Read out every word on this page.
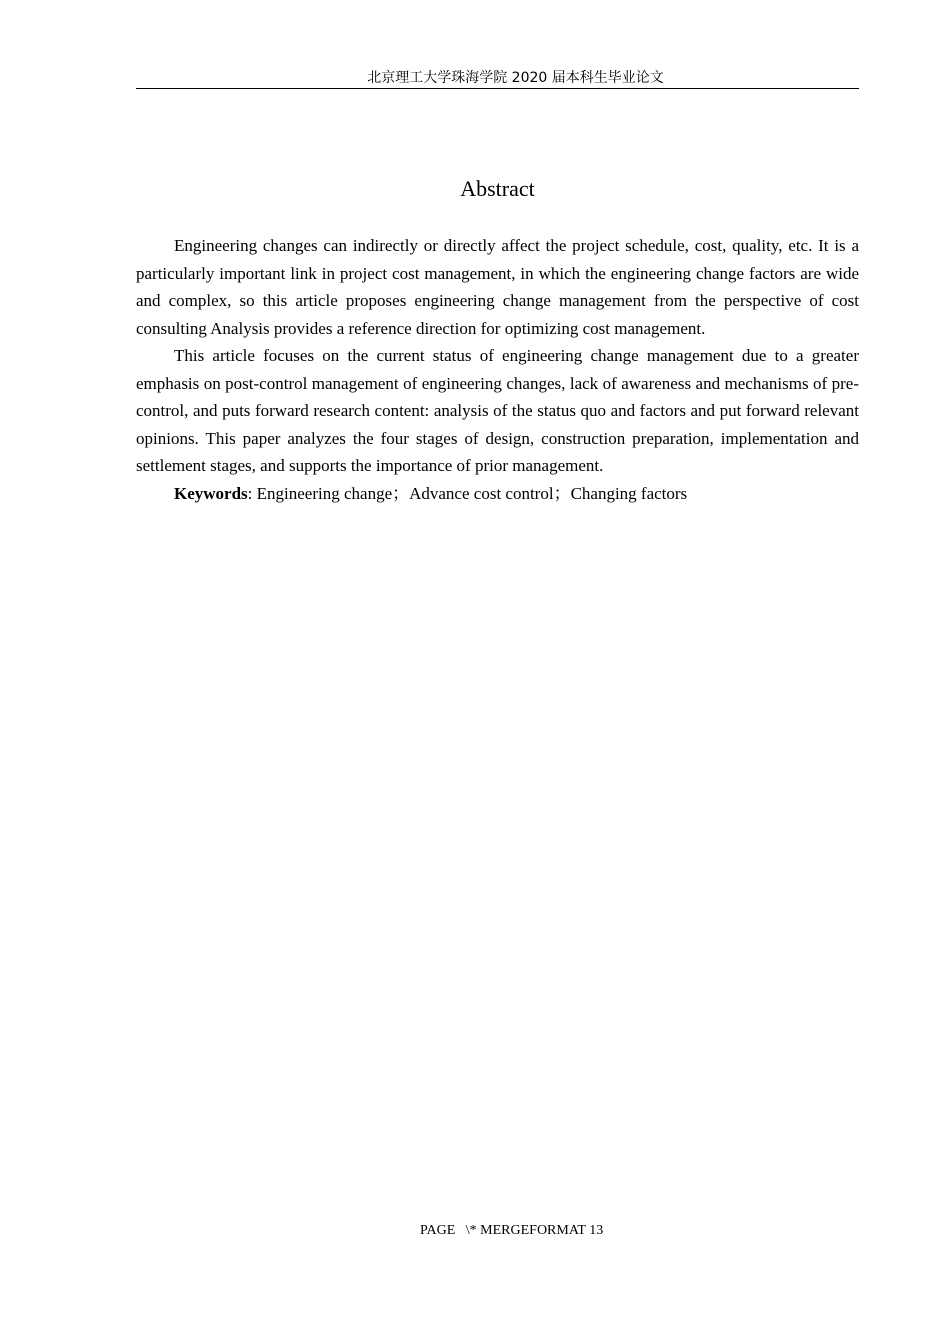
北京理工大学珠海学院 2020 届本科生毕业论文
Abstract

Engineering changes can indirectly or directly affect the project schedule, cost, quality, etc. It is a particularly important link in project cost management, in which the engineering change factors are wide and complex, so this article proposes engineering change management from the perspective of cost consulting Analysis provides a reference direction for optimizing cost management.

This article focuses on the current status of engineering change management due to a greater emphasis on post-control management of engineering changes, lack of awareness and mechanisms of pre-control, and puts forward research content: analysis of the status quo and factors and put forward relevant opinions. This paper analyzes the four stages of design, construction preparation, implementation and settlement stages, and supports the importance of prior management.

Keywords: Engineering change；Advance cost control；Changing factors

PAGE   \* MERGEFORMAT 13
